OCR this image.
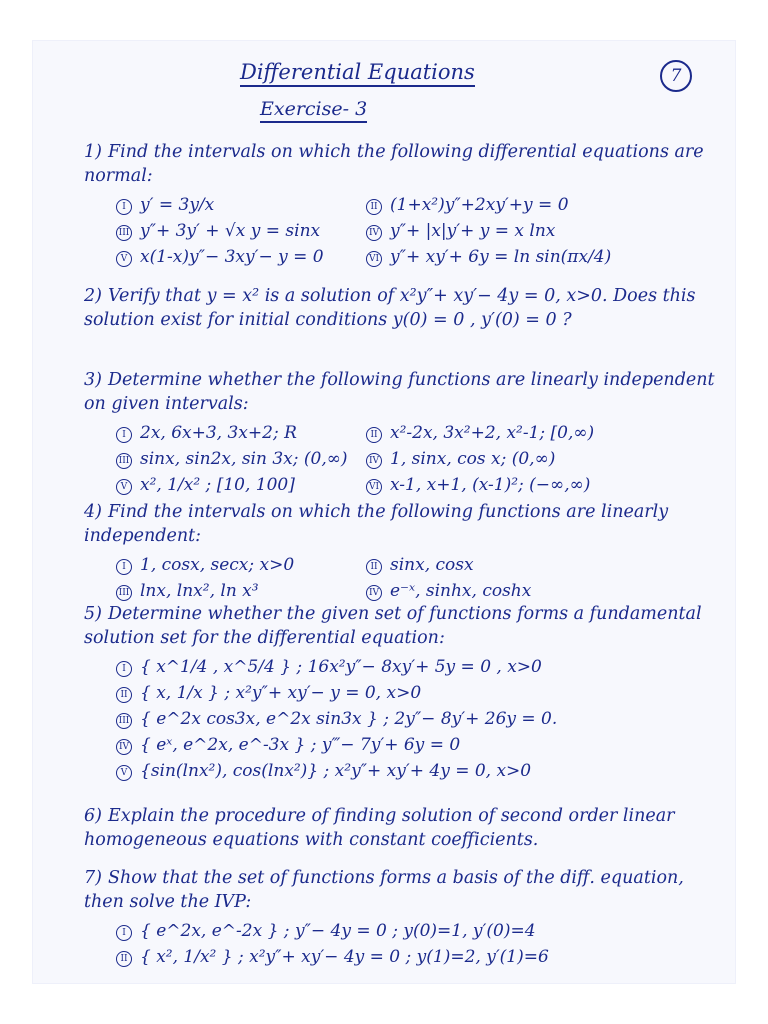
Differential Equations	7
Exercise- 3
1) Find the intervals on which the following differential equations are normal:
I y′ = 3y/x	II (1+x²)y″+2xy′+y = 0
III y″+ 3y′ + √x y = sinx	IV y″+ |x|y′+ y = x lnx
V x(1-x)y″− 3xy′− y = 0	VI y″+ xy′+ 6y = ln sin(πx/4)
2) Verify that y = x² is a solution of x²y″+ xy′− 4y = 0, x>0. Does this solution exist for initial conditions y(0) = 0 , y′(0) = 0 ?
3) Determine whether the following functions are linearly independent on given intervals:
I 2x, 6x+3, 3x+2; R	II x²-2x, 3x²+2, x²-1; [0,∞)
III sinx, sin2x, sin 3x; (0,∞)	IV 1, sinx, cos x; (0,∞)
V x², 1/x² ; [10, 100]	VI x-1, x+1, (x-1)²; (−∞,∞)
4) Find the intervals on which the following functions are linearly independent:
I 1, cosx, secx; x>0	II sinx, cosx
III lnx, lnx², ln x³	IV e⁻ˣ, sinhx, coshx
5) Determine whether the given set of functions forms a fundamental solution set for the differential equation:
I { x^1/4 , x^5/4 } ; 16x²y″− 8xy′+ 5y = 0 , x>0
II { x, 1/x } ; x²y″+ xy′− y = 0, x>0
III { e^2x cos3x, e^2x sin3x } ; 2y″− 8y′+ 26y = 0.
IV { eˣ, e^2x, e^-3x } ; y‴− 7y′+ 6y = 0
V {sin(lnx²), cos(lnx²)} ; x²y″+ xy′+ 4y = 0, x>0
6) Explain the procedure of finding solution of second order linear homogeneous equations with constant coefficients.
7) Show that the set of functions forms a basis of the diff. equation, then solve the IVP:
I { e^2x, e^-2x } ; y″− 4y = 0 ; y(0)=1, y′(0)=4
II { x², 1/x² } ; x²y″+ xy′− 4y = 0 ; y(1)=2, y′(1)=6
